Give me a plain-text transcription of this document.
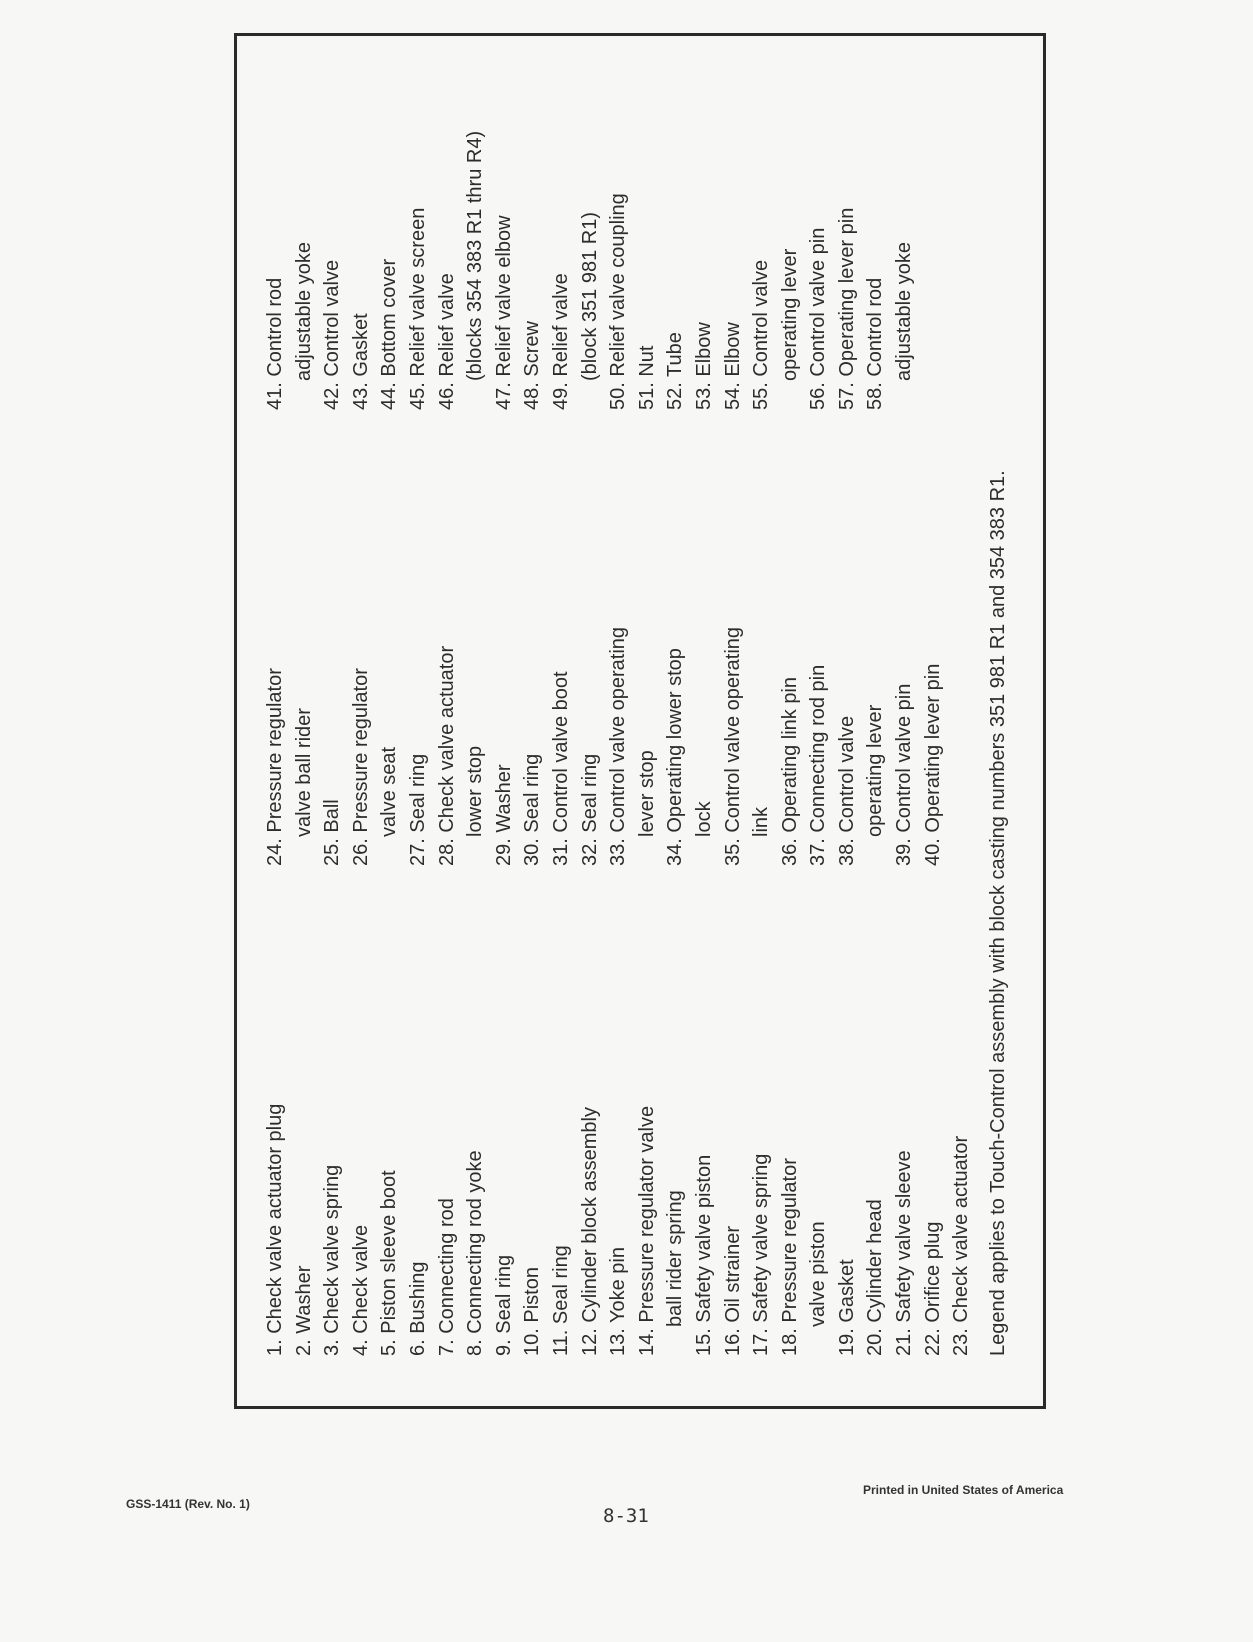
1. Check valve actuator plug 2. Washer 3. Check valve spring 4. Check valve 5. Piston sleeve boot 6. Bushing 7. Connecting rod 8. Connecting rod yoke 9. Seal ring 10. Piston 11. Seal ring 12. Cylinder block assembly 13. Yoke pin 14. Pressure regulator valve ball rider spring 15. Safety valve piston 16. Oil strainer 17. Safety valve spring 18. Pressure regulator valve piston 19. Gasket 20. Cylinder head 21. Safety valve sleeve 22. Orifice plug 23. Check valve actuator
24. Pressure regulator valve ball rider 25. Ball 26. Pressure regulator valve seat 27. Seal ring 28. Check valve actuator lower stop 29. Washer 30. Seal ring 31. Control valve boot 32. Seal ring 33. Control valve operating lever stop 34. Operating lower stop lock 35. Control valve operating link 36. Operating link pin 37. Connecting rod pin 38. Control valve operating lever 39. Control valve pin 40. Operating lever pin
41. Control rod adjustable yoke 42. Control valve 43. Gasket 44. Bottom cover 45. Relief valve screen 46. Relief valve (blocks 354 383 R1 thru R4) 47. Relief valve elbow 48. Screw 49. Relief valve (block 351 981 R1) 50. Relief valve coupling 51. Nut 52. Tube 53. Elbow 54. Elbow 55. Control valve operating lever 56. Control valve pin 57. Operating lever pin 58. Control rod adjustable yoke
Legend applies to Touch-Control assembly with block casting numbers 351 981 R1 and 354 383 R1.
GSS-1411 (Rev. No. 1)
Printed in United States of America
8-31
